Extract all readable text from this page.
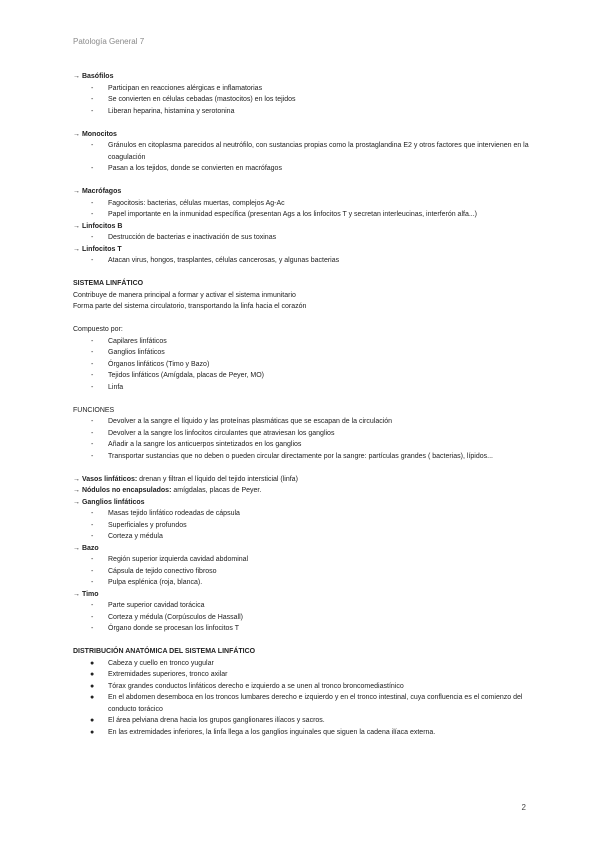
Patología General 7
→ Basófilos
- Participan en reacciones alérgicas e inflamatorias
- Se convierten en células cebadas (mastocitos) en los tejidos
- Liberan heparina, histamina y serotonina
→ Monocitos
- Gránulos en citoplasma parecidos al neutrófilo, con sustancias propias como la prostaglandina E2 y otros factores que intervienen en la coagulación
- Pasan a los tejidos, donde se convierten en macrófagos
→ Macrófagos
- Fagocitosis: bacterias, células muertas, complejos Ag-Ac
- Papel importante en la inmunidad específica (presentan Ags a los linfocitos T y secretan interleucinas, interferón alfa...)
→ Linfocitos B
- Destrucción de bacterias e inactivación de sus toxinas
→ Linfocitos T
- Atacan virus, hongos, trasplantes, células cancerosas, y algunas bacterias
SISTEMA LINFÁTICO
Contribuye de manera principal a formar y activar el sistema inmunitario
Forma parte del sistema circulatorio, transportando la linfa hacia el corazón
Compuesto por:
- Capilares linfáticos
- Ganglios linfáticos
- Órganos linfáticos (Timo y Bazo)
- Tejidos linfáticos (Amígdala, placas de Peyer, MO)
- Linfa
FUNCIONES
- Devolver a la sangre el líquido y las proteínas plasmáticas que se escapan de la circulación
- Devolver a la sangre los linfocitos circulantes que atraviesan los ganglios
- Añadir a la sangre los anticuerpos sintetizados en los ganglios
- Transportar sustancias que no deben o pueden circular directamente por la sangre: partículas grandes ( bacterias), lípidos...
→ Vasos linfáticos: drenan y filtran el líquido del tejido intersticial (linfa)
→ Nódulos no encapsulados: amígdalas, placas de Peyer.
→ Ganglios linfáticos
- Masas tejido linfático rodeadas de cápsula
- Superficiales y profundos
- Corteza y médula
→ Bazo
- Región superior izquierda cavidad abdominal
- Cápsula de tejido conectivo fibroso
- Pulpa esplénica (roja, blanca).
→ Timo
- Parte superior cavidad torácica
- Corteza y médula (Corpúsculos de Hassall)
- Órgano donde se procesan los linfocitos T
DISTRIBUCIÓN ANATÓMICA DEL SISTEMA LINFÁTICO
● Cabeza y cuello en tronco yugular
● Extremidades superiores, tronco axilar
● Tórax grandes conductos linfáticos derecho e izquierdo a se unen al tronco broncomediastínico
● En el abdomen desemboca en los troncos lumbares derecho e izquierdo y en el tronco intestinal, cuya confluencia es el comienzo del conducto torácico
● El área pelviana drena hacia los grupos ganglionares ilíacos y sacros.
● En las extremidades inferiores, la linfa llega a los ganglios inguinales que siguen la cadena ilíaca externa.
2
